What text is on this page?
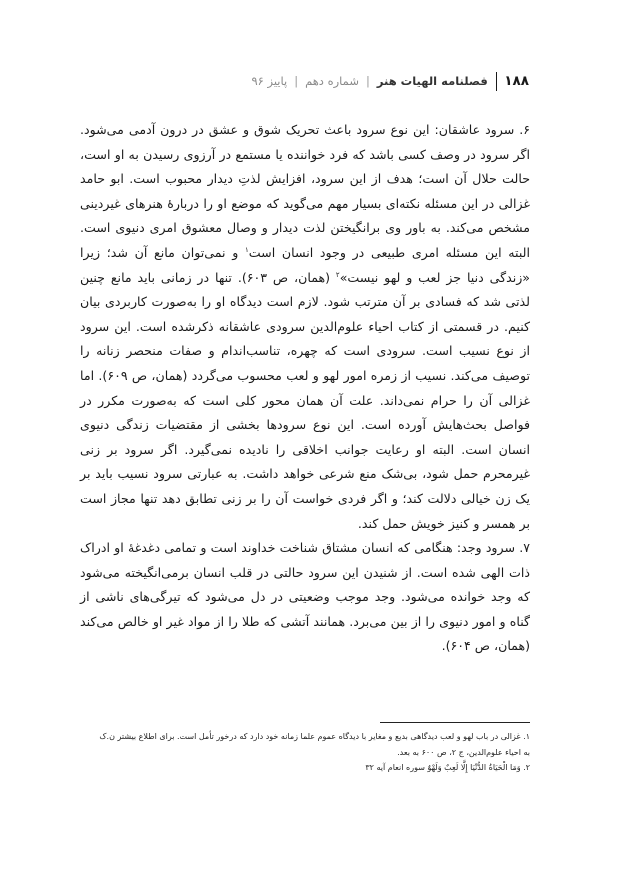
۱۸۸
فصلنامه الهیات هنر
|
شماره دهم
|
پاییز ۹۶

۶. سرود عاشقان: این نوع سرود باعث تحریک شوق و عشق در درون آدمی می‌شود. اگر سرود در وصف کسی باشد که فرد خواننده یا مستمع در آرزوی رسیدن به او است، حالت حلال آن است؛ هدف از این سرود، افزایش لذتِ دیدار محبوب است. ابو حامد غزالی در این مسئله نکته‌ای بسیار مهم می‌گوید که موضع او را دربارهٔ هنرهای غیردینی مشخص می‌کند. به باور وی برانگیختن لذت دیدار و وصال معشوق امری دنیوی است. البته این مسئله امری طبیعی در وجود انسان است$^۱$ و نمی‌توان مانع آن شد؛ زیرا «زندگی دنیا جز لعب و لهو نیست»$^۲$ (همان، ص ۶۰۳). تنها در زمانی باید مانع چنین لذتی شد که فسادی بر آن مترتب شود. لازم است دیدگاه او را به‌صورت کاربردی بیان کنیم. در قسمتی از کتاب احیاء علوم‌الدین سرودی عاشقانه ذکرشده است. این سرود از نوع نسیب است. سرودی است که چهره، تناسب‌اندام و صفات منحصر زنانه را توصیف می‌کند. نسیب از زمره امور لهو و لعب محسوب می‌گردد (همان، ص ۶۰۹). اما غزالی آن را حرام نمی‌داند. علت آن همان محور کلی است که به‌صورت مکرر در فواصل بحث‌هایش آورده است. این نوع سرودها بخشی از مقتضیات زندگی دنیوی انسان است. البته او رعایت جوانب اخلاقی را نادیده نمی‌گیرد. اگر سرود بر زنی غیرمحرم حمل شود، بی‌شک منع شرعی خواهد داشت. به عبارتی سرود نسیب باید بر یک زن خیالی دلالت کند؛ و اگر فردی خواست آن را بر زنی تطابق دهد تنها مجاز است بر همسر و کنیز خویش حمل کند.

۷. سرود وجد: هنگامی که انسان مشتاق شناخت خداوند است و تمامی دغدغهٔ او ادراک ذات الهی شده است. از شنیدن این سرود حالتی در قلب انسان برمی‌انگیخته می‌شود که وجد خوانده می‌شود. وجد موجب وضعیتی در دل می‌شود که تیرگی‌های ناشی از گناه و امور دنیوی را از بین می‌برد. همانند آتشی که طلا را از مواد غیر او خالص می‌کند (همان، ص ۶۰۴).

۱. غزالی در باب لهو و لعب دیدگاهی بدیع و مغایر با دیدگاه عموم علما زمانه خود دارد که درخور تأمل است. برای اطلاع بیشتر ن.ک

به احیاء علوم‌الدین، ج ۲، ص ۶۰۰ به بعد.

۲. وَمَا الْحَيَاةُ الدُّنْيَا إِلَّا لَعِبٌ وَلَهْوٌ سوره انعام آیه ۳۲
